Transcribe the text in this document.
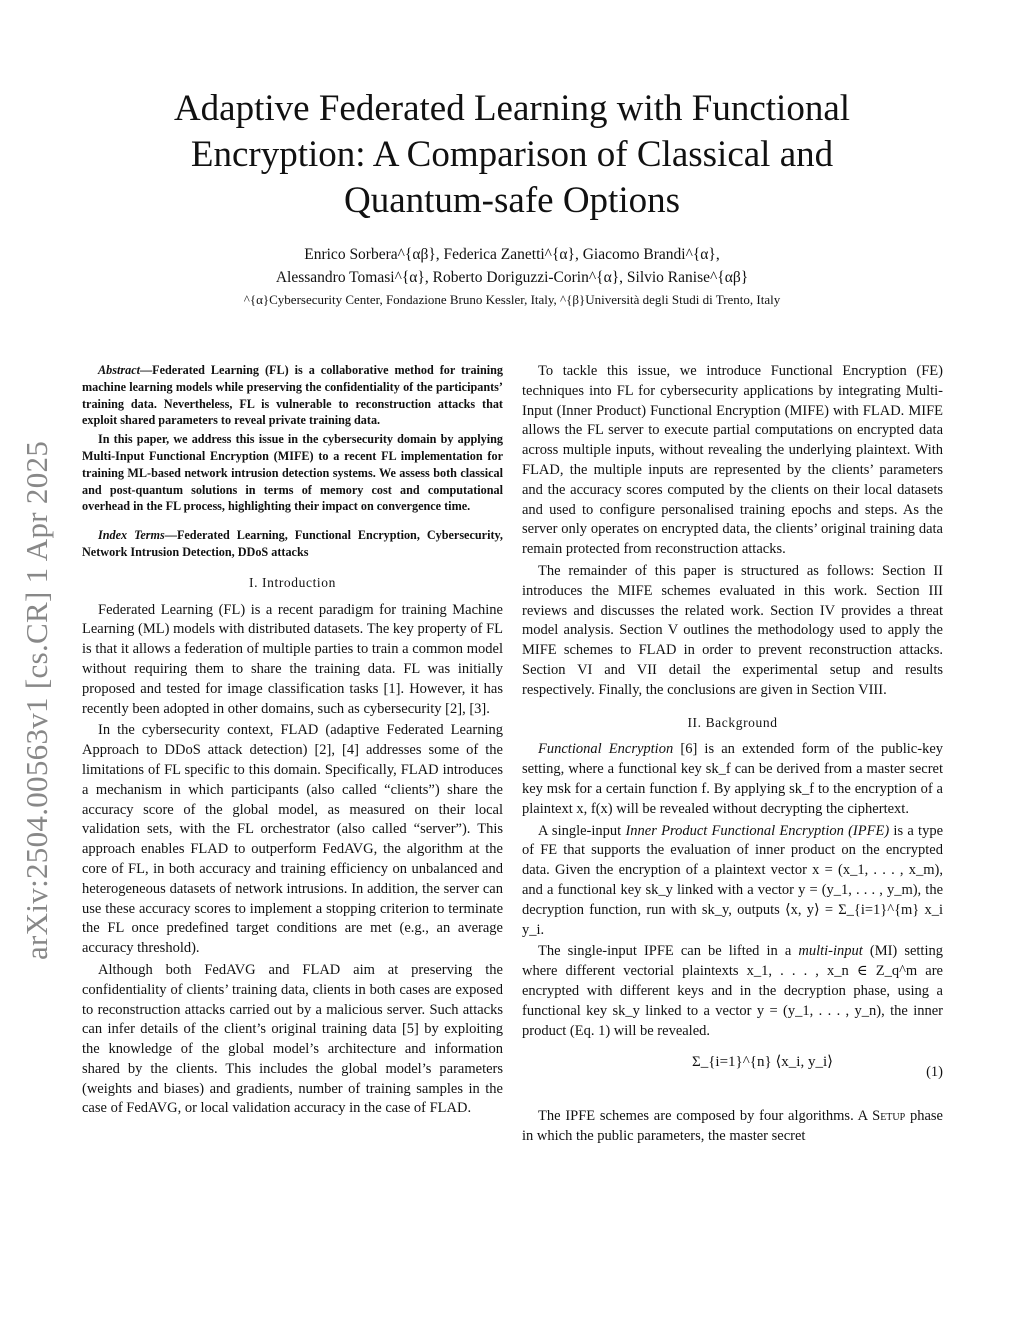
Adaptive Federated Learning with Functional
Encryption: A Comparison of Classical and
Quantum-safe Options
Enrico Sorbera^{αβ}, Federica Zanetti^{α}, Giacomo Brandi^{α},
Alessandro Tomasi^{α}, Roberto Doriguzzi-Corin^{α}, Silvio Ranise^{αβ}
^{α}Cybersecurity Center, Fondazione Bruno Kessler, Italy, ^{β}Università degli Studi di Trento, Italy
arXiv:2504.00563v1 [cs.CR] 1 Apr 2025

Abstract—Federated Learning (FL) is a collaborative method for training machine learning models while preserving the confidentiality of the participants’ training data. Nevertheless, FL is vulnerable to reconstruction attacks that exploit shared parameters to reveal private training data.

In this paper, we address this issue in the cybersecurity domain by applying Multi-Input Functional Encryption (MIFE) to a recent FL implementation for training ML-based network intrusion detection systems. We assess both classical and post-quantum solutions in terms of memory cost and computational overhead in the FL process, highlighting their impact on convergence time.

Index Terms—Federated Learning, Functional Encryption, Cybersecurity, Network Intrusion Detection, DDoS attacks
I. Introduction

Federated Learning (FL) is a recent paradigm for training Machine Learning (ML) models with distributed datasets. The key property of FL is that it allows a federation of multiple parties to train a common model without requiring them to share the training data. FL was initially proposed and tested for image classification tasks [1]. However, it has recently been adopted in other domains, such as cybersecurity [2], [3].

In the cybersecurity context, FLAD (adaptive Federated Learning Approach to DDoS attack detection) [2], [4] addresses some of the limitations of FL specific to this domain. Specifically, FLAD introduces a mechanism in which participants (also called “clients”) share the accuracy score of the global model, as measured on their local validation sets, with the FL orchestrator (also called “server”). This approach enables FLAD to outperform FedAVG, the algorithm at the core of FL, in both accuracy and training efficiency on unbalanced and heterogeneous datasets of network intrusions. In addition, the server can use these accuracy scores to implement a stopping criterion to terminate the FL once predefined target conditions are met (e.g., an average accuracy threshold).

Although both FedAVG and FLAD aim at preserving the confidentiality of clients’ training data, clients in both cases are exposed to reconstruction attacks carried out by a malicious server. Such attacks can infer details of the client’s original training data [5] by exploiting the knowledge of the global model’s architecture and information shared by the clients. This includes the global model’s parameters (weights and biases) and gradients, number of training samples in the case of FedAVG, or local validation accuracy in the case of FLAD.

To tackle this issue, we introduce Functional Encryption (FE) techniques into FL for cybersecurity applications by integrating Multi-Input (Inner Product) Functional Encryption (MIFE) with FLAD. MIFE allows the FL server to execute partial computations on encrypted data across multiple inputs, without revealing the underlying plaintext. With FLAD, the multiple inputs are represented by the clients’ parameters and the accuracy scores computed by the clients on their local datasets and used to configure personalised training epochs and steps. As the server only operates on encrypted data, the clients’ original training data remain protected from reconstruction attacks.

The remainder of this paper is structured as follows: Section II introduces the MIFE schemes evaluated in this work. Section III reviews and discusses the related work. Section IV provides a threat model analysis. Section V outlines the methodology used to apply the MIFE schemes to FLAD in order to prevent reconstruction attacks. Section VI and VII detail the experimental setup and results respectively. Finally, the conclusions are given in Section VIII.

II. Background

Functional Encryption [6] is an extended form of the public-key setting, where a functional key sk_f can be derived from a master secret key msk for a certain function f. By applying sk_f to the encryption of a plaintext x, f(x) will be revealed without decrypting the ciphertext.

A single-input Inner Product Functional Encryption (IPFE) is a type of FE that supports the evaluation of inner product on the encrypted data. Given the encryption of a plaintext vector x = (x_1, . . . , x_m), and a functional key sk_y linked with a vector y = (y_1, . . . , y_m), the decryption function, run with sk_y, outputs ⟨x, y⟩ = Σ_{i=1}^{m} x_i y_i.

The single-input IPFE can be lifted in a multi-input (MI) setting where different vectorial plaintexts x_1, . . . , x_n ∈ Z_q^m are encrypted with different keys and in the decryption phase, using a functional key sk_y linked to a vector y = (y_1, . . . , y_n), the inner product (Eq. 1) will be revealed.

Σ_{i=1}^{n} ⟨x_i, y_i⟩
(1)

The IPFE schemes are composed by four algorithms. A Setup phase in which the public parameters, the master secret
